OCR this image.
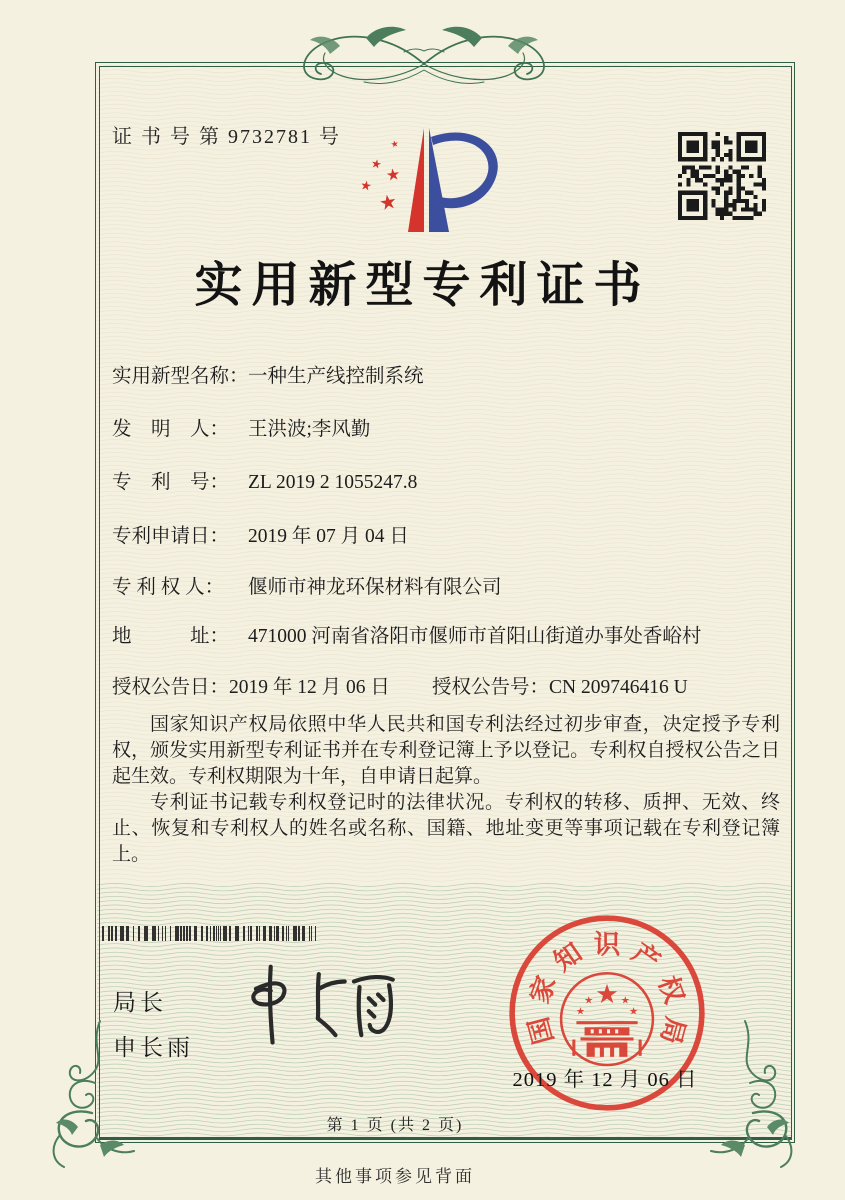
证 书 号 第 9732781 号	★
★
★
★
★
实用新型专利证书
实用新型名称：一种生产线控制系统
发　明　人： 王洪波;李风勤
专　利　号： ZL 2019 2 1055247.8
专利申请日： 2019 年 07 月 04 日
专 利 权 人： 偃师市神龙环保材料有限公司
地　　　址： 471000 河南省洛阳市偃师市首阳山街道办事处香峪村
授权公告日：2019 年 12 月 06 日 授权公告号：CN 209746416 U

国家知识产权局依照中华人民共和国专利法经过初步审查，决定授予专利权，颁发实用新型专利证书并在专利登记簿上予以登记。专利权自授权公告之日起生效。专利权期限为十年，自申请日起算。

专利证书记载专利权登记时的法律状况。专利权的转移、质押、无效、终止、恢复和专利权人的姓名或名称、国籍、地址变更等事项记载在专利登记簿上。

局长
申长雨
国
家
知 识 产
权
局
★
★	★
★	★
2019 年 12 月 06 日
第 1 页 (共 2 页)
其他事项参见背面
